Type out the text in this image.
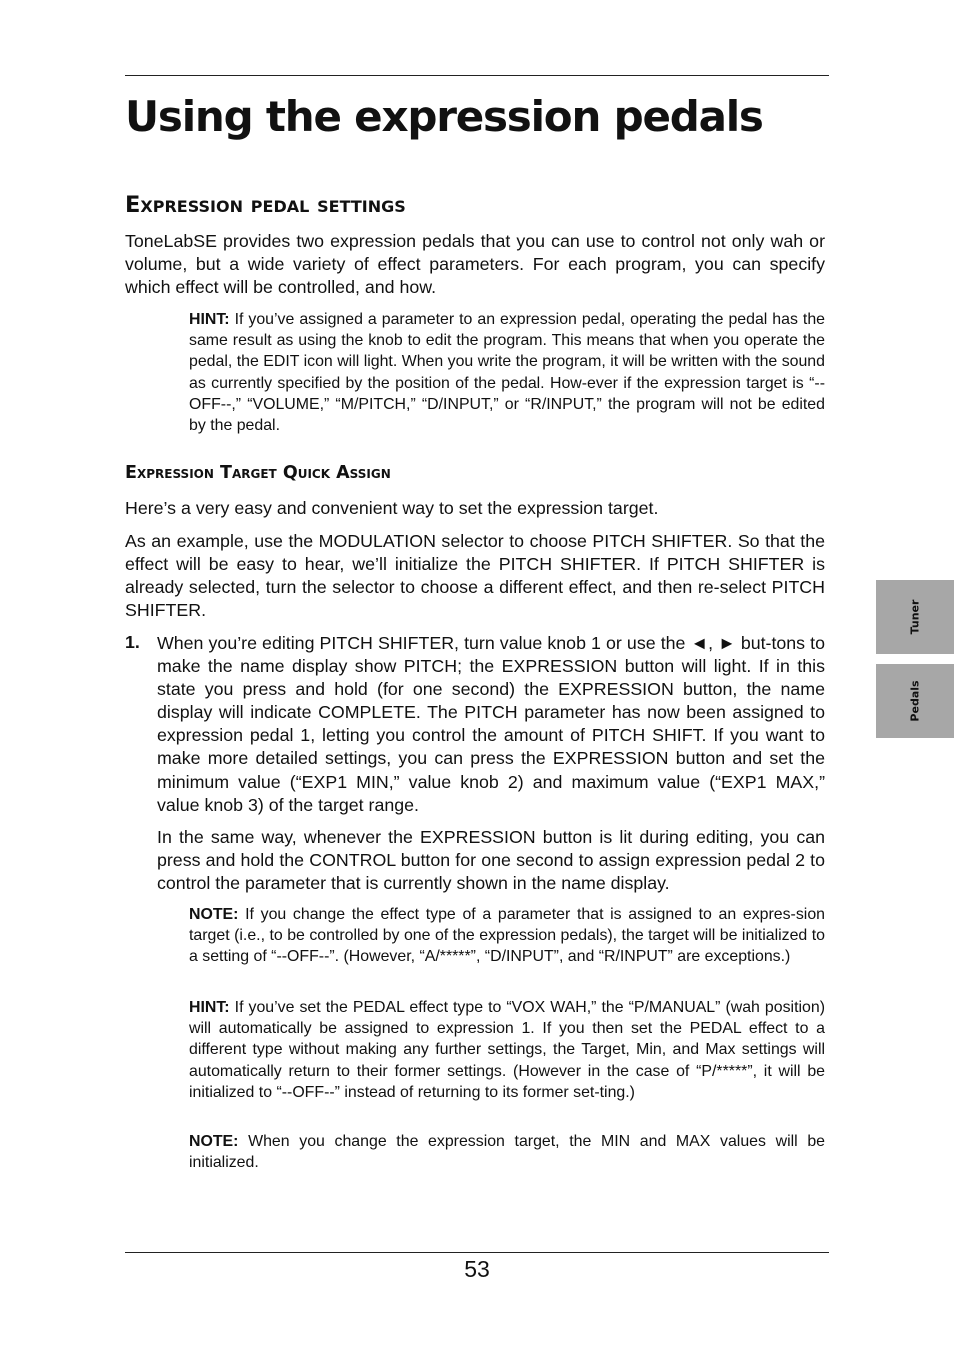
Using the expression pedals
Expression pedal settings

ToneLabSE provides two expression pedals that you can use to control not only wah or volume, but a wide variety of effect parameters. For each program, you can specify which effect will be controlled, and how.

HINT: If you’ve assigned a parameter to an expression pedal, operating the pedal has the same result as using the knob to edit the program. This means that when you operate the pedal, the EDIT icon will light. When you write the program, it will be written with the sound as currently specified by the position of the pedal. How-ever if the expression target is “--OFF--,” “VOLUME,” “M/PITCH,” “D/INPUT,” or “R/INPUT,” the program will not be edited by the pedal.

Expression Target Quick Assign

Here’s a very easy and convenient way to set the expression target.

As an example, use the MODULATION selector to choose PITCH SHIFTER. So that the effect will be easy to hear, we’ll initialize the PITCH SHIFTER. If PITCH SHIFTER is already selected, turn the selector to choose a different effect, and then re-select PITCH SHIFTER.

1. When you’re editing PITCH SHIFTER, turn value knob 1 or use the ◄, ► but-tons to make the name display show PITCH; the EXPRESSION button will light. If in this state you press and hold (for one second) the EXPRESSION button, the name display will indicate COMPLETE. The PITCH parameter has now been assigned to expression pedal 1, letting you control the amount of PITCH SHIFT. If you want to make more detailed settings, you can press the EXPRESSION button and set the minimum value (“EXP1 MIN,” value knob 2) and maximum value (“EXP1 MAX,” value knob 3) of the target range.

In the same way, whenever the EXPRESSION button is lit during editing, you can press and hold the CONTROL button for one second to assign expression pedal 2 to control the parameter that is currently shown in the name display.

NOTE: If you change the effect type of a parameter that is assigned to an expres-sion target (i.e., to be controlled by one of the expression pedals), the target will be initialized to a setting of “--OFF--”. (However, “A/*****”, “D/INPUT”, and “R/INPUT” are exceptions.)

HINT: If you’ve set the PEDAL effect type to “VOX WAH,” the “P/MANUAL” (wah position) will automatically be assigned to expression 1. If you then set the PEDAL effect to a different type without making any further settings, the Target, Min, and Max settings will automatically return to their former settings. (However in the case of “P/*****”, it will be initialized to “--OFF--” instead of returning to its former set-ting.)

NOTE: When you change the expression target, the MIN and MAX values will be initialized.

Tuner
Pedals
53
